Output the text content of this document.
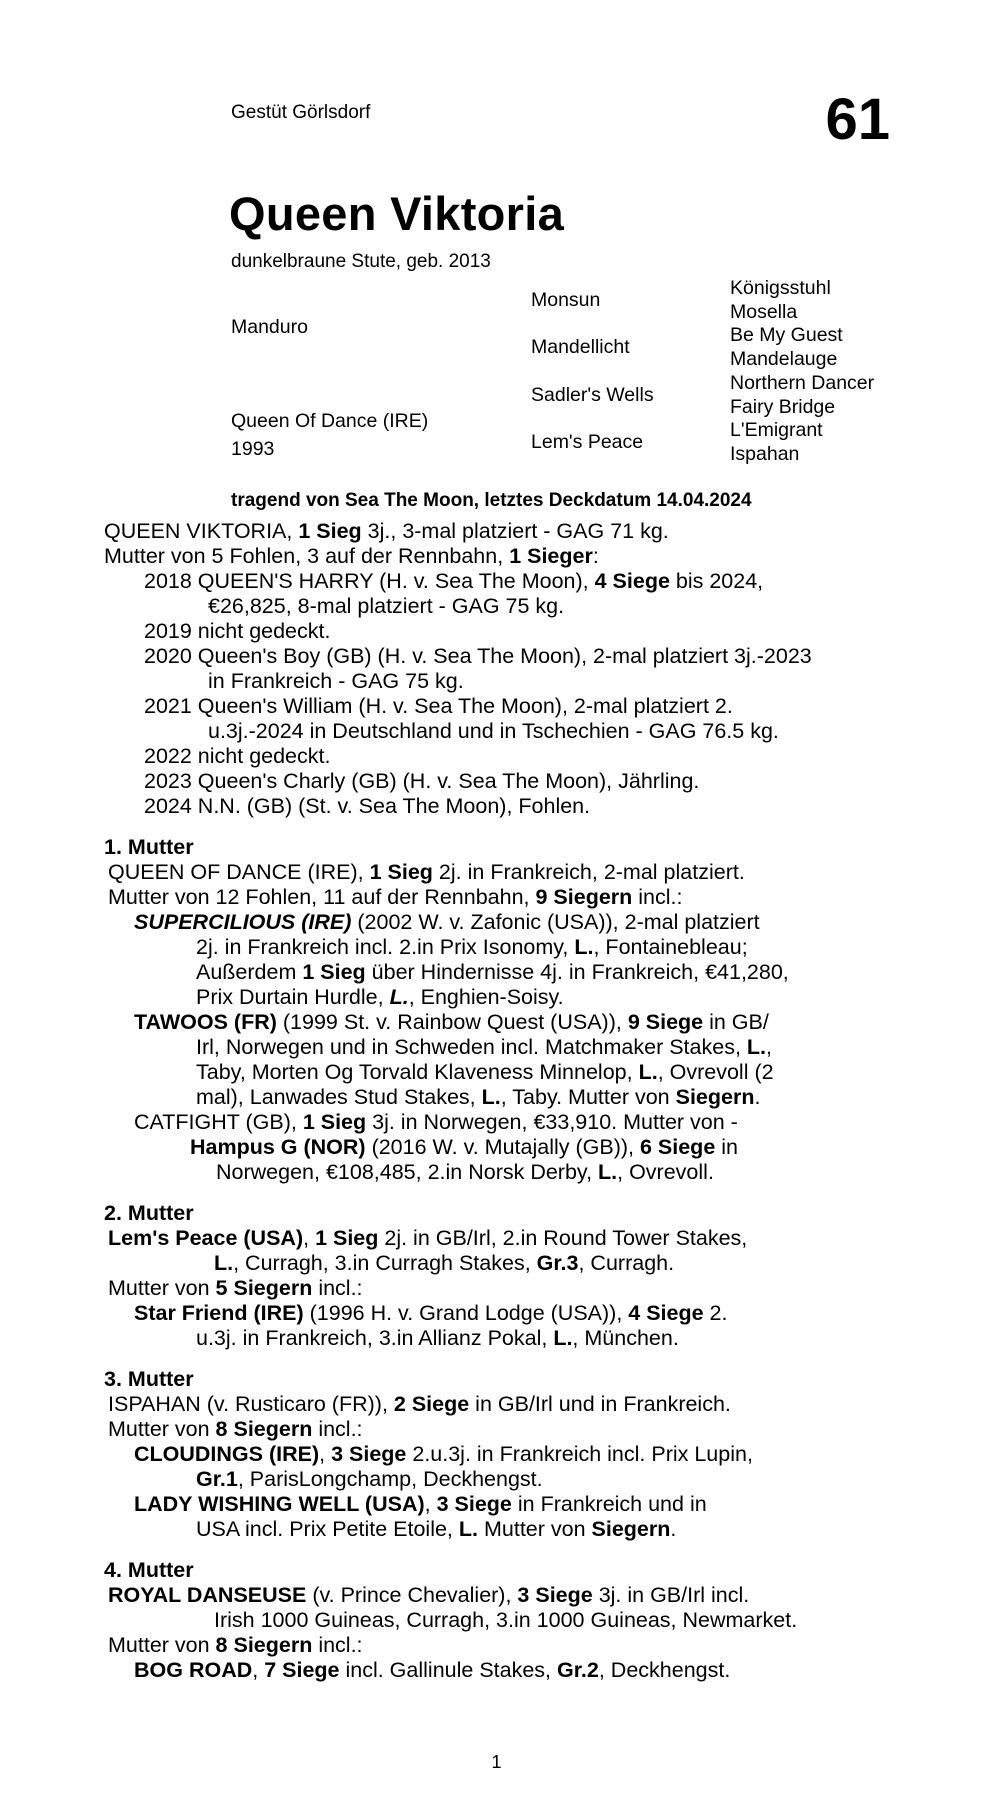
Gestüt Görlsdorf	61
Queen Viktoria
dunkelbraune Stute, geb. 2013
Manduro
Queen Of Dance (IRE)
1993
Monsun
Mandellicht
Sadler's Wells
Lem's Peace
Königsstuhl
Mosella
Be My Guest
Mandelauge
Northern Dancer
Fairy Bridge
L'Emigrant
Ispahan
tragend von Sea The Moon, letztes Deckdatum 14.04.2024
QUEEN VIKTORIA, 1 Sieg 3j., 3-mal platziert - GAG 71 kg.
Mutter von 5 Fohlen, 3 auf der Rennbahn, 1 Sieger:
2018 QUEEN'S HARRY (H. v. Sea The Moon), 4 Siege bis 2024,
€26,825, 8-mal platziert - GAG 75 kg.
2019 nicht gedeckt.
2020 Queen's Boy (GB) (H. v. Sea The Moon), 2-mal platziert 3j.-2023
in Frankreich - GAG 75 kg.
2021 Queen's William (H. v. Sea The Moon), 2-mal platziert 2.
u.3j.-2024 in Deutschland und in Tschechien - GAG 76.5 kg.
2022 nicht gedeckt.
2023 Queen's Charly (GB) (H. v. Sea The Moon), Jährling.
2024 N.N. (GB) (St. v. Sea The Moon), Fohlen.
1. Mutter
QUEEN OF DANCE (IRE), 1 Sieg 2j. in Frankreich, 2-mal platziert.
Mutter von 12 Fohlen, 11 auf der Rennbahn, 9 Siegern incl.:
SUPERCILIOUS (IRE) (2002 W. v. Zafonic (USA)), 2-mal platziert
2j. in Frankreich incl. 2.in Prix Isonomy, L., Fontainebleau;
Außerdem 1 Sieg über Hindernisse 4j. in Frankreich, €41,280,
Prix Durtain Hurdle, L., Enghien-Soisy.
TAWOOS (FR) (1999 St. v. Rainbow Quest (USA)), 9 Siege in GB/
Irl, Norwegen und in Schweden incl. Matchmaker Stakes, L.,
Taby, Morten Og Torvald Klaveness Minnelop, L., Ovrevoll (2
mal), Lanwades Stud Stakes, L., Taby. Mutter von Siegern.
CATFIGHT (GB), 1 Sieg 3j. in Norwegen, €33,910. Mutter von -
Hampus G (NOR) (2016 W. v. Mutajally (GB)), 6 Siege in
Norwegen, €108,485, 2.in Norsk Derby, L., Ovrevoll.
2. Mutter
Lem's Peace (USA), 1 Sieg 2j. in GB/Irl, 2.in Round Tower Stakes,
L., Curragh, 3.in Curragh Stakes, Gr.3, Curragh.
Mutter von 5 Siegern incl.:
Star Friend (IRE) (1996 H. v. Grand Lodge (USA)), 4 Siege 2.
u.3j. in Frankreich, 3.in Allianz Pokal, L., München.
3. Mutter
ISPAHAN (v. Rusticaro (FR)), 2 Siege in GB/Irl und in Frankreich.
Mutter von 8 Siegern incl.:
CLOUDINGS (IRE), 3 Siege 2.u.3j. in Frankreich incl. Prix Lupin,
Gr.1, ParisLongchamp, Deckhengst.
LADY WISHING WELL (USA), 3 Siege in Frankreich und in
USA incl. Prix Petite Etoile, L. Mutter von Siegern.
4. Mutter
ROYAL DANSEUSE (v. Prince Chevalier), 3 Siege 3j. in GB/Irl incl.
Irish 1000 Guineas, Curragh, 3.in 1000 Guineas, Newmarket.
Mutter von 8 Siegern incl.:
BOG ROAD, 7 Siege incl. Gallinule Stakes, Gr.2, Deckhengst.
1
